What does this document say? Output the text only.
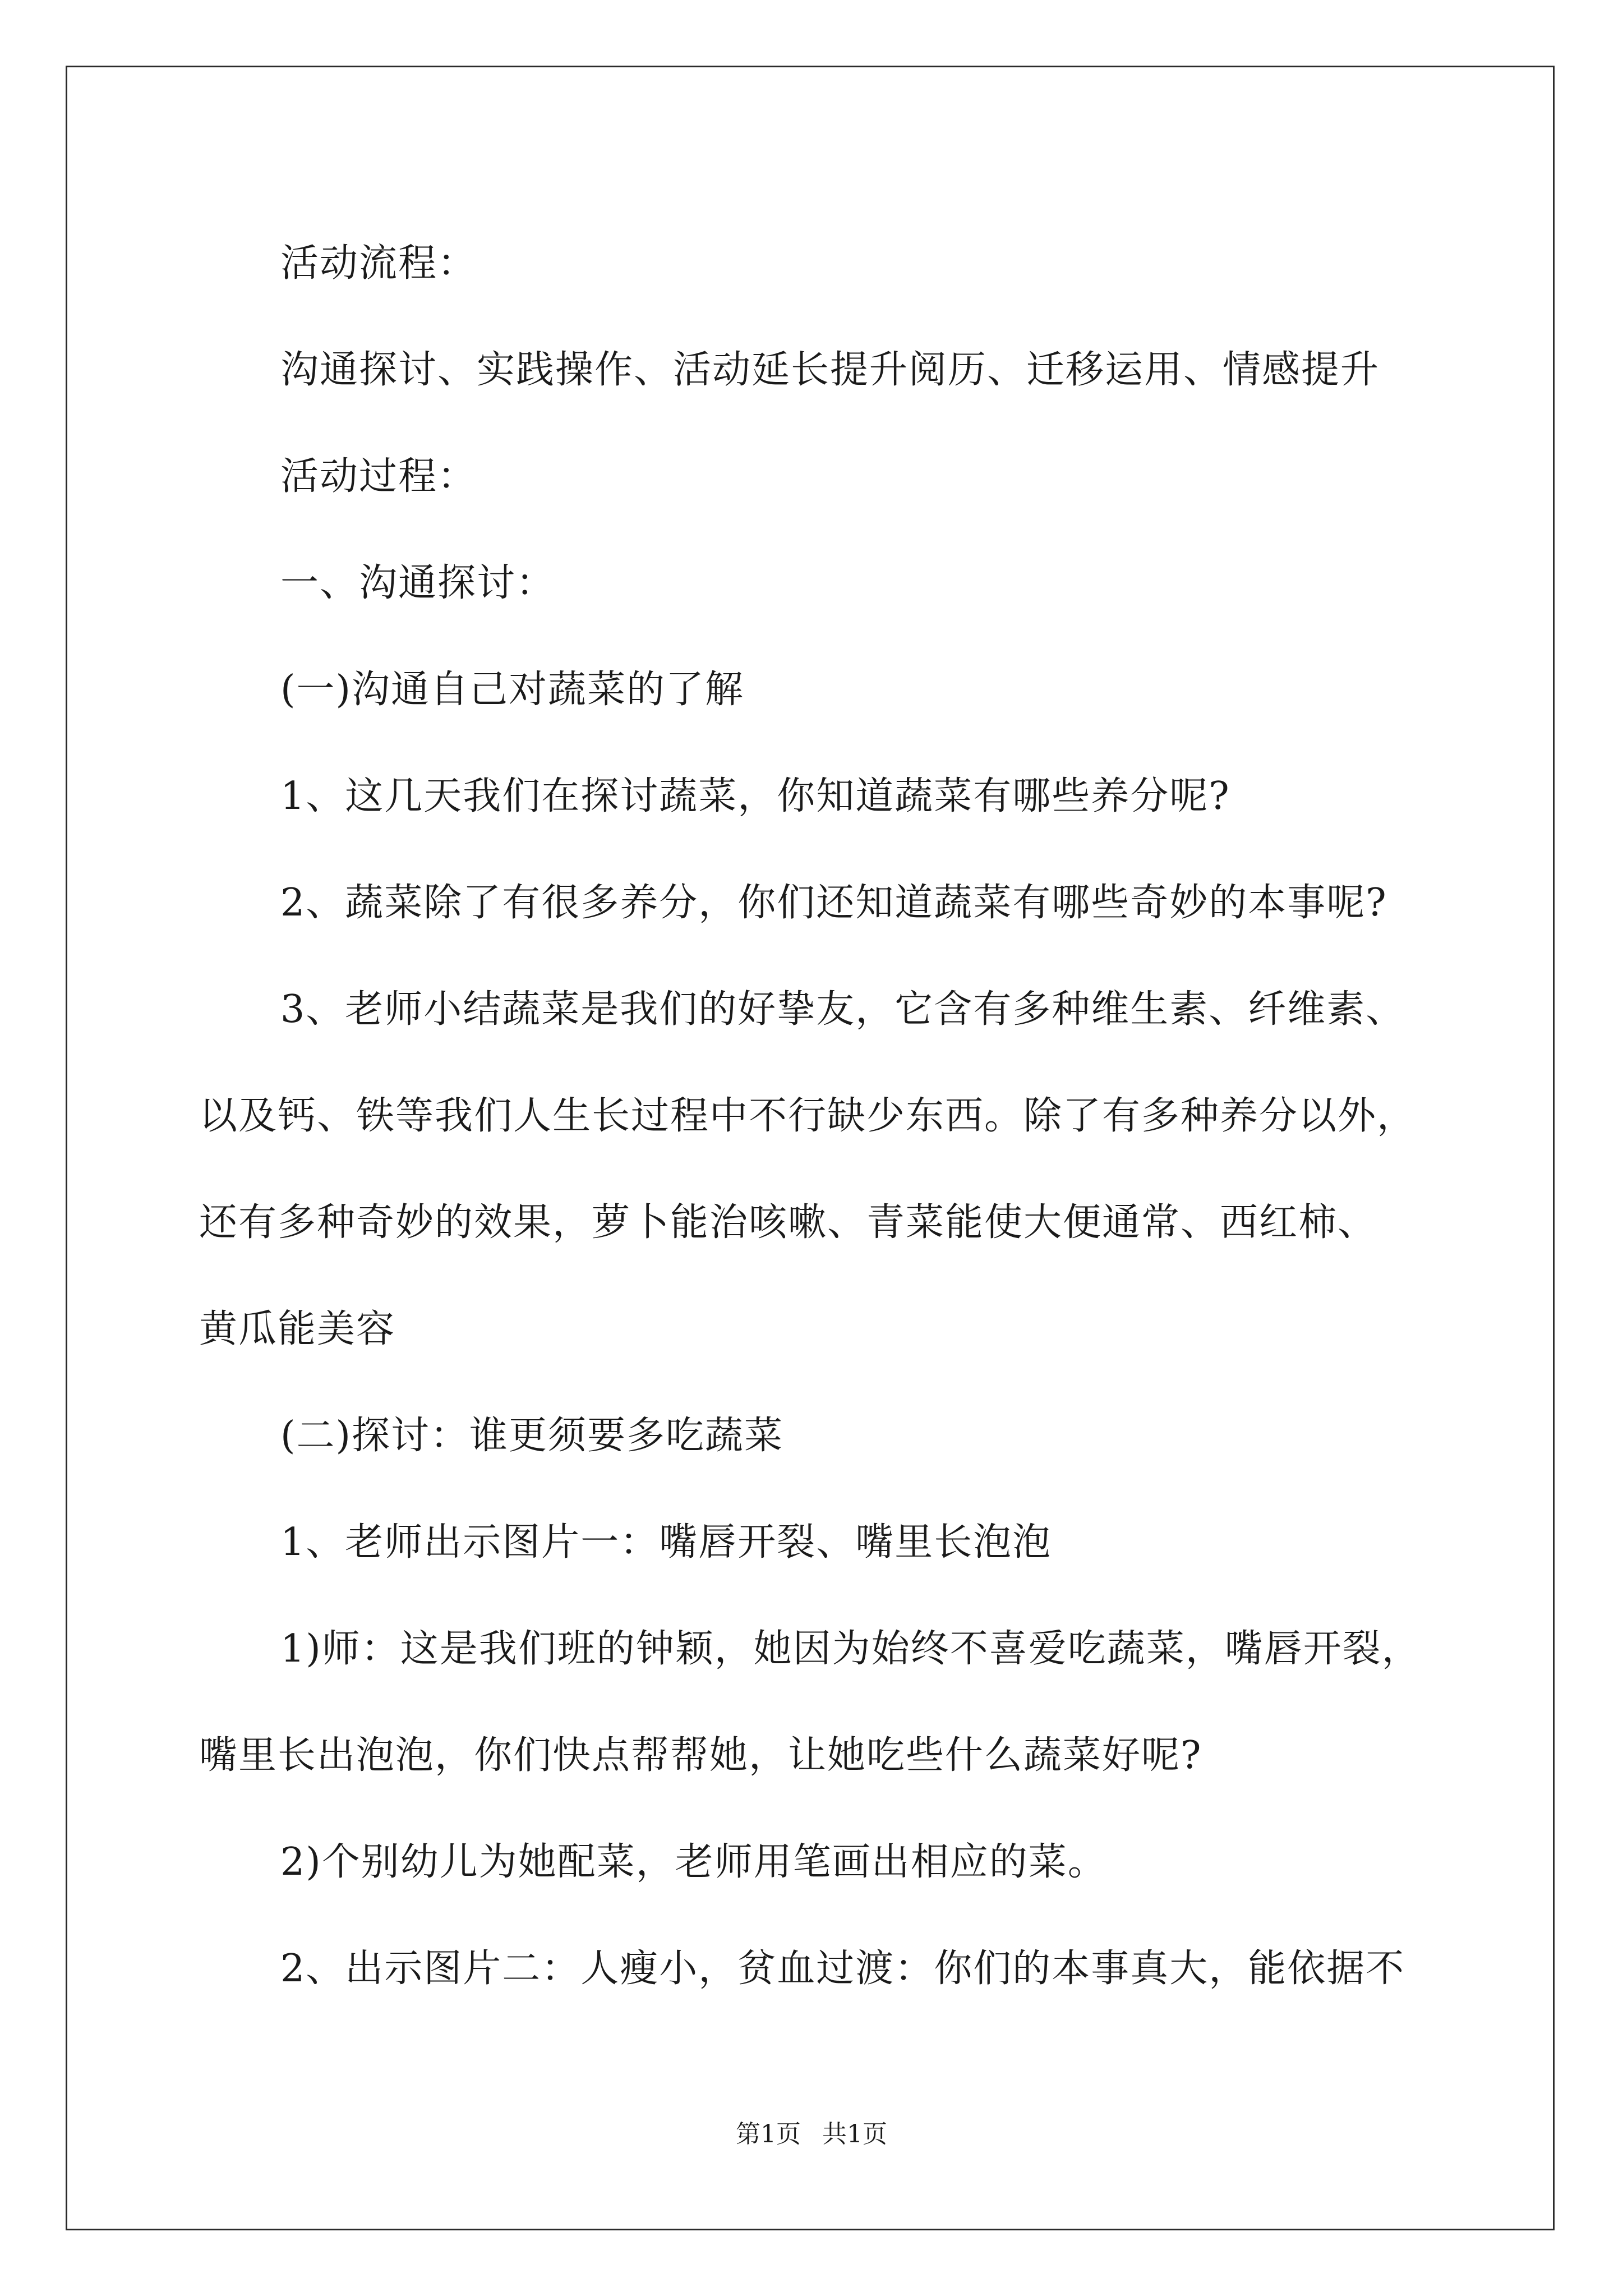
活动流程：

沟通探讨、实践操作、活动延长提升阅历、迁移运用、情感提升

活动过程：

一、沟通探讨：

(一)沟通自己对蔬菜的了解

1、这几天我们在探讨蔬菜，你知道蔬菜有哪些养分呢?

2、蔬菜除了有很多养分，你们还知道蔬菜有哪些奇妙的本事呢?

3、老师小结蔬菜是我们的好挚友，它含有多种维生素、纤维素、

以及钙、铁等我们人生长过程中不行缺少东西。除了有多种养分以外，

还有多种奇妙的效果，萝卜能治咳嗽、青菜能使大便通常、西红柿、

黄瓜能美容

(二)探讨：谁更须要多吃蔬菜

1、老师出示图片一：嘴唇开裂、嘴里长泡泡

1)师：这是我们班的钟颖，她因为始终不喜爱吃蔬菜，嘴唇开裂，

嘴里长出泡泡，你们快点帮帮她，让她吃些什么蔬菜好呢?

2)个别幼儿为她配菜，老师用笔画出相应的菜。

2、出示图片二：人瘦小，贫血过渡：你们的本事真大，能依据不

第1页 共1页
